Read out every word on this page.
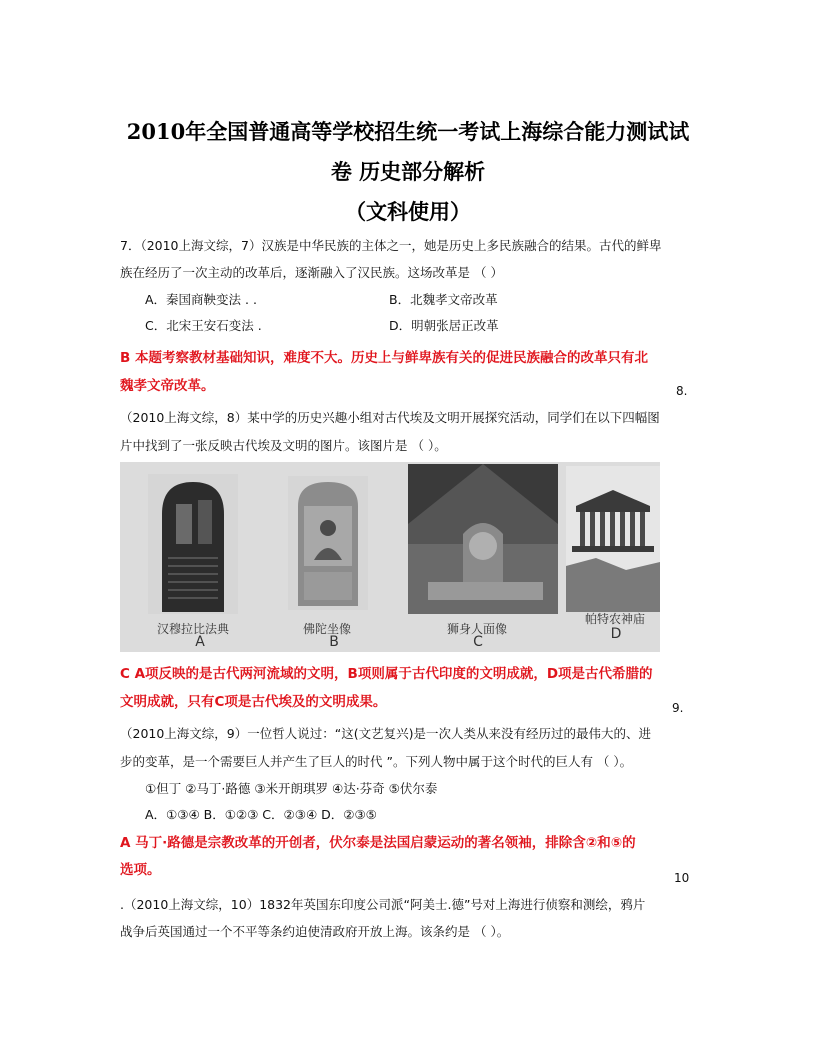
2010年全国普通高等学校招生统一考试上海综合能力测试试
卷 历史部分解析
（文科使用）
7．（2010上海文综，7）汉族是中华民族的主体之一，她是历史上多民族融合的结果。古代的鲜卑
族在经历了一次主动的改革后，逐渐融入了汉民族。这场改革是 （ ）
A．秦国商鞅变法 . .	B．北魏孝文帝改革
C．北宋王安石变法 .	D．明朝张居正改革
B 本题考察教材基础知识，难度不大。历史上与鲜卑族有关的促进民族融合的改革只有北
魏孝文帝改革。	8.
（2010上海文综，8）某中学的历史兴趣小组对古代埃及文明开展探究活动，同学们在以下四幅图
片中找到了一张反映古代埃及文明的图片。该图片是 （ ）。
汉穆拉比法典
A
佛陀坐像
B
狮身人面像
C
帕特农神庙
D
C A项反映的是古代两河流域的文明，B项则属于古代印度的文明成就，D项是古代希腊的
文明成就，只有C项是古代埃及的文明成果。	9.
（2010上海文综，9）一位哲人说过：“这(文艺复兴)是一次人类从来没有经历过的最伟大的、进
步的变革，是一个需要巨人并产生了巨人的时代 ”。下列人物中属于这个时代的巨人有 （ ）。
①但丁 ②马丁·路德 ③米开朗琪罗 ④达·芬奇 ⑤伏尔泰
A．①③④ B．①②③ C．②③④ D．②③⑤
A 马丁·路德是宗教改革的开创者，伏尔泰是法国启蒙运动的著名领袖，排除含②和⑤的
选项。	10
.（2010上海文综，10）1832年英国东印度公司派“阿美士.德”号对上海进行侦察和测绘，鸦片
战争后英国通过一个不平等条约迫使清政府开放上海。该条约是 （ ）。
